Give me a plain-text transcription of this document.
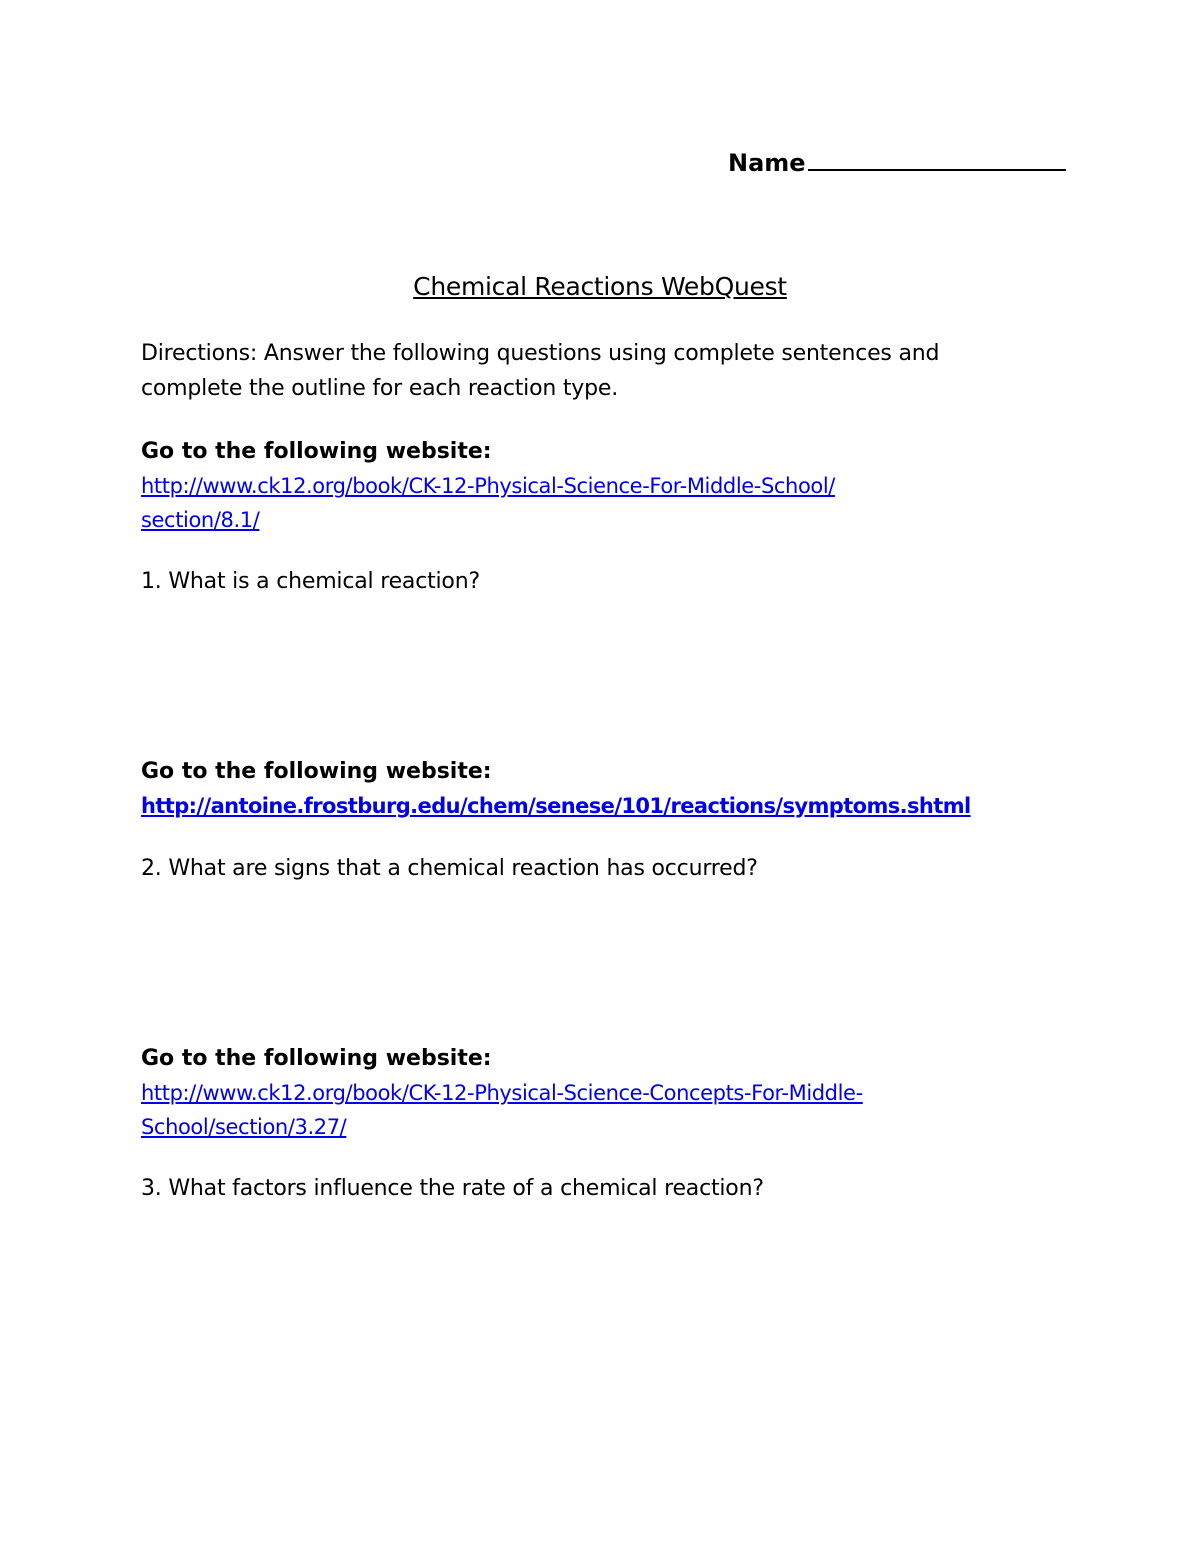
Name
Chemical Reactions WebQuest
Directions: Answer the following questions using complete sentences and
complete the outline for each reaction type.
Go to the following website:
http://www.ck12.org/book/CK-12-Physical-Science-For-Middle-School/
section/8.1/
1. What is a chemical reaction?
Go to the following website:
http://antoine.frostburg.edu/chem/senese/101/reactions/symptoms.shtml
2. What are signs that a chemical reaction has occurred?
Go to the following website:
http://www.ck12.org/book/CK-12-Physical-Science-Concepts-For-Middle-
School/section/3.27/
3. What factors influence the rate of a chemical reaction?
